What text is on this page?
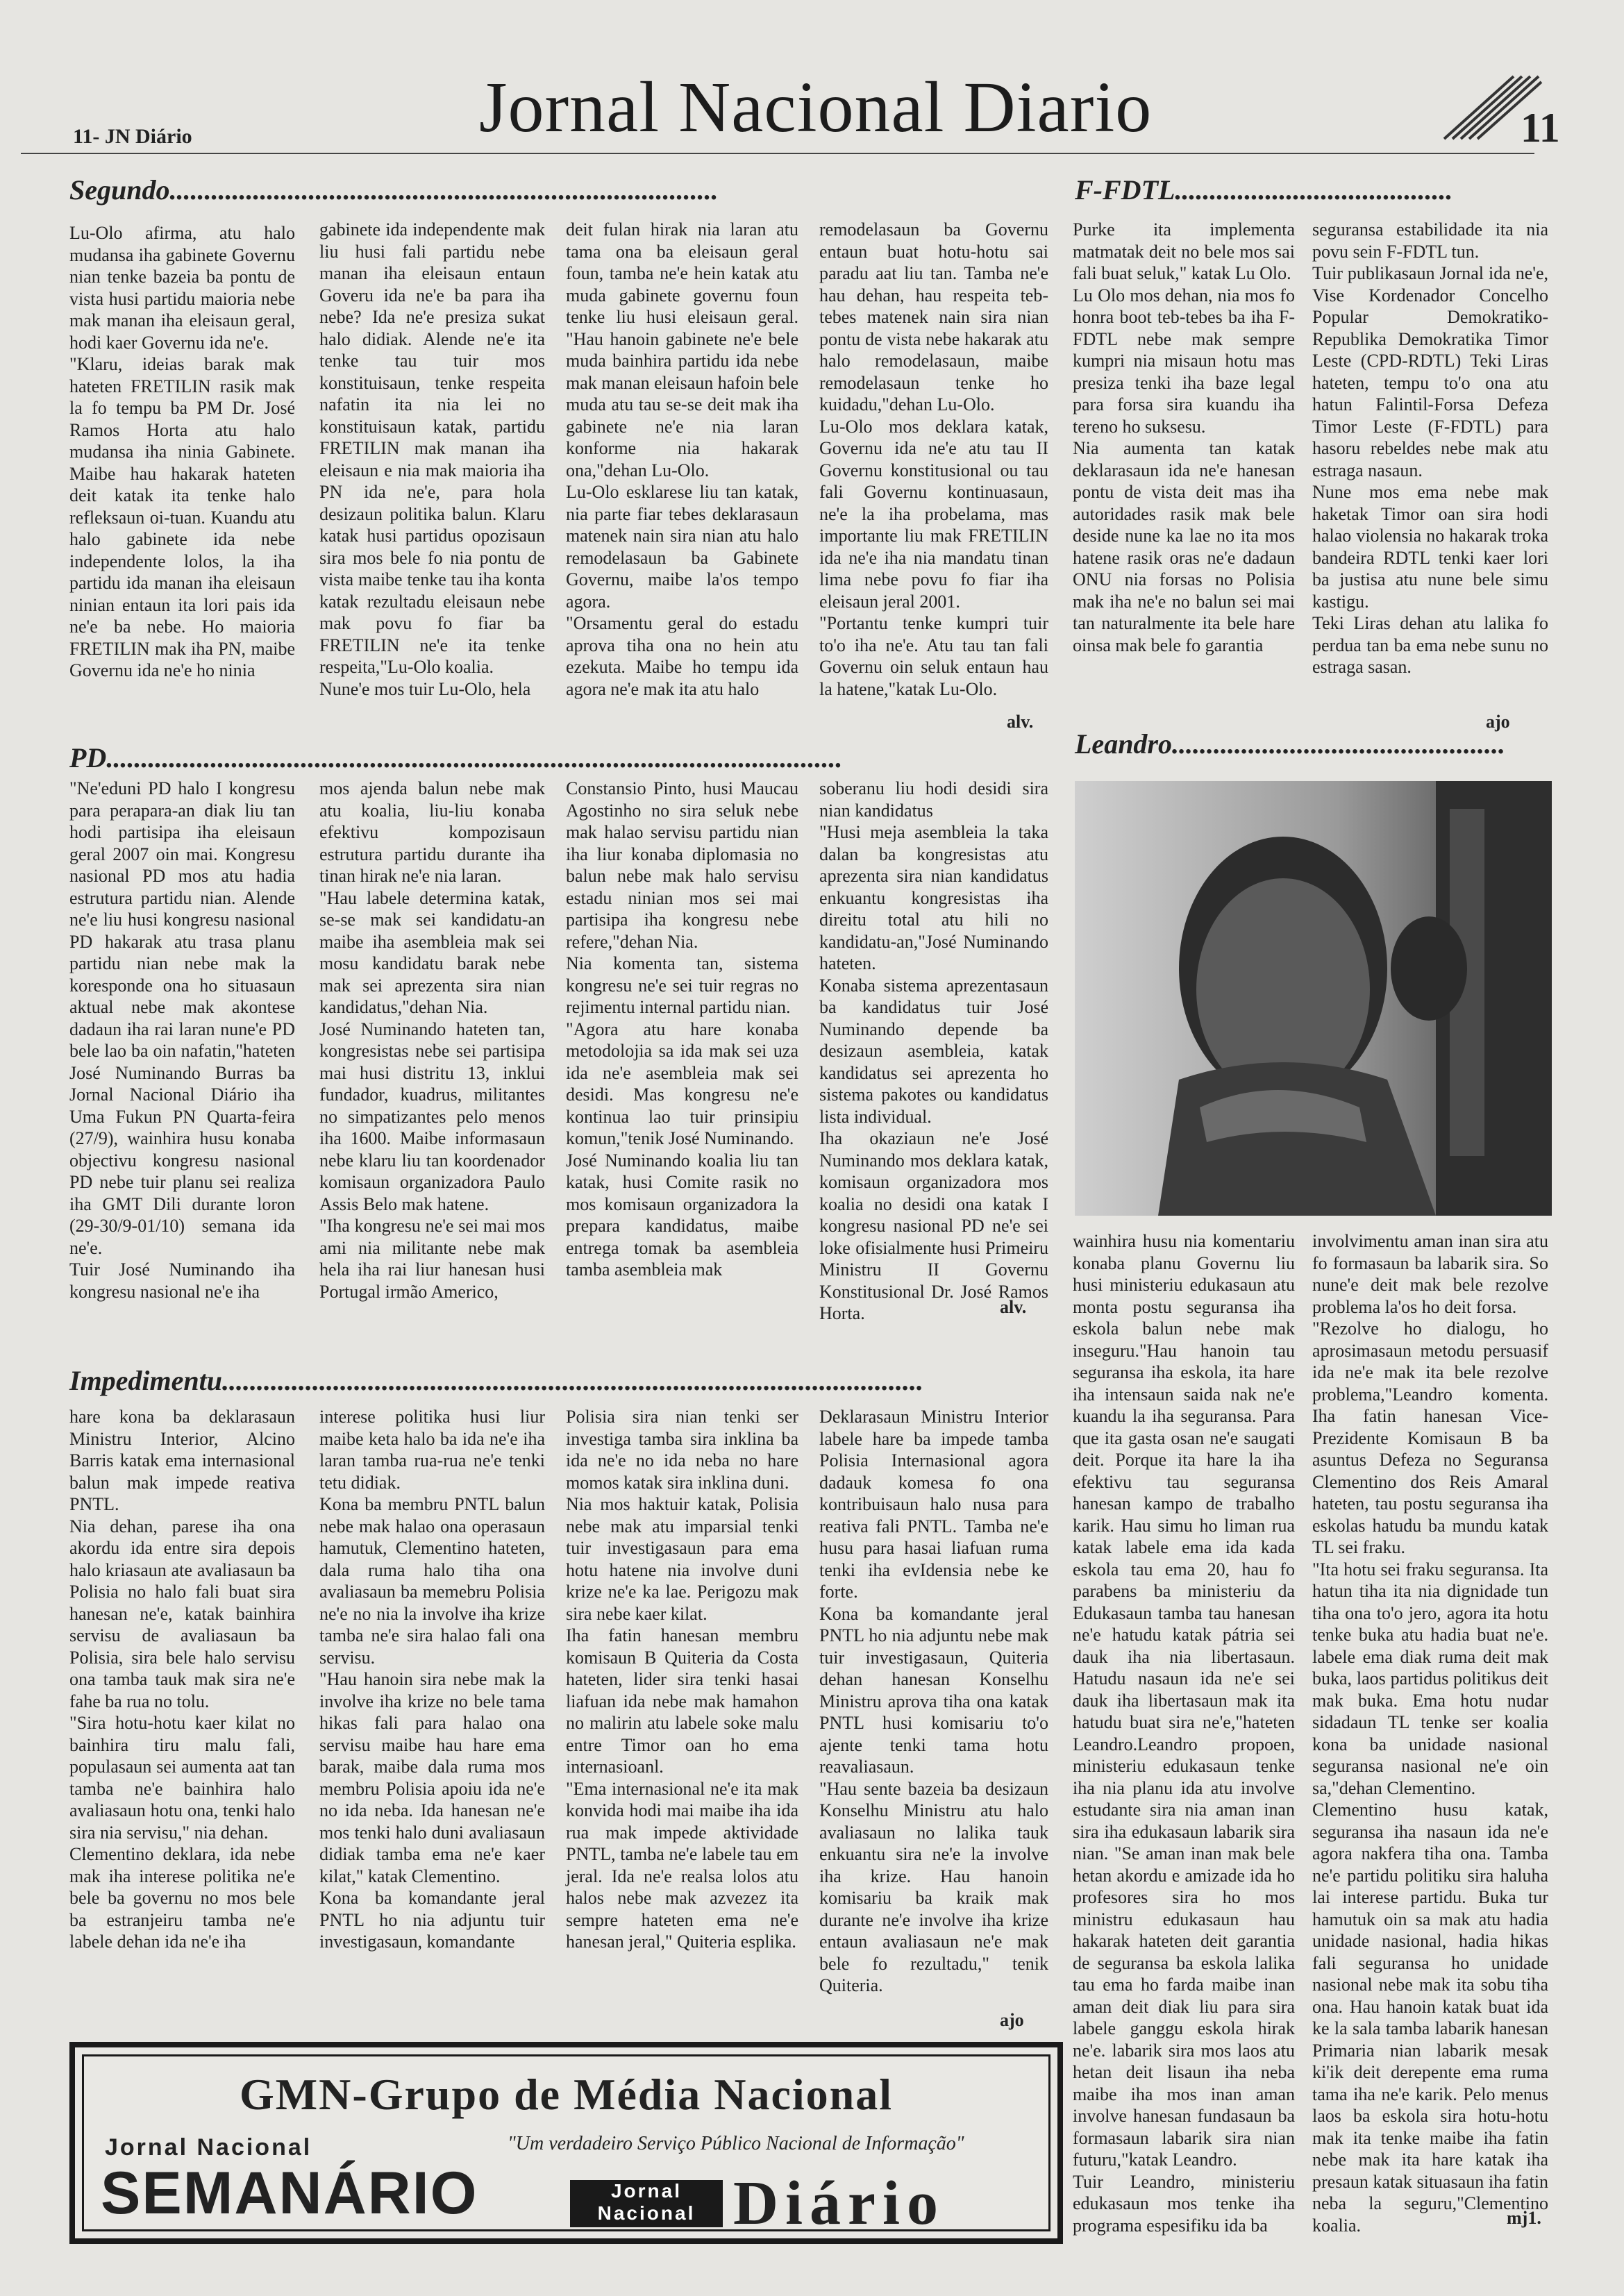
11- JN Diário	Jornal Nacional Diario	11
Segundo...............................................................................

Lu-Olo afirma, atu halo mudansa iha gabinete Governu nian tenke bazeia ba pontu de vista husi partidu maioria nebe mak manan iha eleisaun geral, hodi kaer Governu ida ne'e.
"Klaru, ideias barak mak hateten FRETILIN rasik mak la fo tempu ba PM Dr. José Ramos Horta atu halo mudansa iha ninia Gabinete. Maibe hau hakarak hateten deit katak ita tenke halo refleksaun oi-tuan. Kuandu atu halo gabinete ida nebe independente lolos, la iha partidu ida manan iha eleisaun ninian entaun ita lori pais ida ne'e ba nebe. Ho maioria FRETILIN mak iha PN, maibe Governu ida ne'e ho ninia

gabinete ida independente mak liu husi fali partidu nebe manan iha eleisaun entaun Goveru ida ne'e ba para iha nebe? Ida ne'e presiza sukat halo didiak. Alende ne'e ita tenke tau tuir mos konstituisaun, tenke respeita nafatin ita nia lei no konstituisaun katak, partidu FRETILIN mak manan iha eleisaun e nia mak maioria iha PN ida ne'e, para hola desizaun politika balun. Klaru katak husi partidus opozisaun sira mos bele fo nia pontu de vista maibe tenke tau iha konta katak rezultadu eleisaun nebe mak povu fo fiar ba FRETILIN ne'e ita tenke respeita,"Lu-Olo koalia.
Nune'e mos tuir Lu-Olo, hela

deit fulan hirak nia laran atu tama ona ba eleisaun geral foun, tamba ne'e hein katak atu muda gabinete governu foun tenke liu husi eleisaun geral. "Hau hanoin gabinete ne'e bele muda bainhira partidu ida nebe mak manan eleisaun hafoin bele muda atu tau se-se deit mak iha gabinete ne'e nia laran konforme nia hakarak ona,"dehan Lu-Olo.
Lu-Olo esklarese liu tan katak, nia parte fiar tebes deklarasaun matenek nain sira nian atu halo remodelasaun ba Gabinete Governu, maibe la'os tempo agora.
"Orsamentu geral do estadu aprova tiha ona no hein atu ezekuta. Maibe ho tempu ida agora ne'e mak ita atu halo

remodelasaun ba Governu entaun buat hotu-hotu sai paradu aat liu tan. Tamba ne'e hau dehan, hau respeita teb-tebes matenek nain sira nian pontu de vista nebe hakarak atu halo remodelasaun, maibe remodelasaun tenke ho kuidadu,"dehan Lu-Olo.
Lu-Olo mos deklara katak, Governu ida ne'e atu tau II Governu konstitusional ou tau fali Governu kontinuasaun, ne'e la iha probelama, mas importante liu mak FRETILIN ida ne'e iha nia mandatu tinan lima nebe povu fo fiar iha eleisaun jeral 2001.
"Portantu tenke kumpri tuir to'o iha ne'e. Atu tau tan fali Governu oin seluk entaun hau la hatene,"katak Lu-Olo.

alv.
F-FDTL........................................

Purke ita implementa matmatak deit no bele mos sai fali buat seluk," katak Lu Olo.
Lu Olo mos dehan, nia mos fo honra boot teb-tebes ba iha F-FDTL nebe mak sempre kumpri nia misaun hotu mas presiza tenki iha baze legal para forsa sira kuandu iha tereno ho suksesu.
Nia aumenta tan katak deklarasaun ida ne'e hanesan pontu de vista deit mas iha autoridades rasik mak bele deside nune ka lae no ita mos hatene rasik oras ne'e dadaun ONU nia forsas no Polisia mak iha ne'e no balun sei mai tan naturalmente ita bele hare oinsa mak bele fo garantia

seguransa estabilidade ita nia povu sein F-FDTL tun.
Tuir publikasaun Jornal ida ne'e, Vise Kordenador Concelho Popular Demokratiko-Republika Demokratika Timor Leste (CPD-RDTL) Teki Liras hateten, tempu to'o ona atu hatun Falintil-Forsa Defeza Timor Leste (F-FDTL) para hasoru rebeldes nebe mak atu estraga nasaun.
Nune mos ema nebe mak haketak Timor oan sira hodi halao violensia no hakarak troka bandeira RDTL tenki kaer lori ba justisa atu nune bele simu kastigu.
Teki Liras dehan atu lalika fo perdua tan ba ema nebe sunu no estraga sasan.

ajo
PD..........................................................................................................

"Ne'eduni PD halo I kongresu para perapara-an diak liu tan hodi partisipa iha eleisaun geral 2007 oin mai. Kongresu nasional PD mos atu hadia estrutura partidu nian. Alende ne'e liu husi kongresu nasional PD hakarak atu trasa planu partidu nian nebe mak la koresponde ona ho situasaun aktual nebe mak akontese dadaun iha rai laran nune'e PD bele lao ba oin nafatin,"hateten José Numinando Burras ba Jornal Nacional Diário iha Uma Fukun PN Quarta-feira (27/9), wainhira husu konaba objectivu kongresu nasional PD nebe tuir planu sei realiza iha GMT Dili durante loron (29-30/9-01/10) semana ida ne'e.
Tuir José Numinando iha kongresu nasional ne'e iha

mos ajenda balun nebe mak atu koalia, liu-liu konaba efektivu kompozisaun estrutura partidu durante iha tinan hirak ne'e nia laran.
"Hau labele determina katak, se-se mak sei kandidatu-an maibe iha asembleia mak sei mosu kandidatu barak nebe mak sei aprezenta sira nian kandidatus,"dehan Nia.
José Numinando hateten tan, kongresistas nebe sei partisipa mai husi distritu 13, inklui fundador, kuadrus, militantes no simpatizantes pelo menos iha 1600. Maibe informasaun nebe klaru liu tan koordenador komisaun organizadora Paulo Assis Belo mak hatene.
"Iha kongresu ne'e sei mai mos ami nia militante nebe mak hela iha rai liur hanesan husi Portugal irmão Americo,

Constansio Pinto, husi Maucau Agostinho no sira seluk nebe mak halao servisu partidu nian iha liur konaba diplomasia no balun nebe mak halo servisu estadu ninian mos sei mai partisipa iha kongresu nebe refere,"dehan Nia.
Nia komenta tan, sistema kongresu ne'e sei tuir regras no rejimentu internal partidu nian.
"Agora atu hare konaba metodolojia sa ida mak sei uza ida ne'e asembleia mak sei desidi. Mas kongresu ne'e kontinua lao tuir prinsipiu komun,"tenik José Numinando.
José Numinando koalia liu tan katak, husi Comite rasik no mos komisaun organizadora la prepara kandidatus, maibe entrega tomak ba asembleia tamba asembleia mak

soberanu liu hodi desidi sira nian kandidatus
"Husi meja asembleia la taka dalan ba kongresistas atu aprezenta sira nian kandidatus enkuantu kongresistas iha direitu total atu hili no kandidatu-an,"José Numinando hateten.
Konaba sistema aprezentasaun ba kandidatus tuir José Numinando depende ba desizaun asembleia, katak kandidatus sei aprezenta ho sistema pakotes ou kandidatus lista individual.
Iha okaziaun ne'e José Numinando mos deklara katak, komisaun organizadora mos koalia no desidi ona katak I kongresu nasional PD ne'e sei loke ofisialmente husi Primeiru Ministru II Governu Konstitusional Dr. José Ramos Horta.	alv.
Leandro................................................

wainhira husu nia komentariu konaba planu Governu liu husi ministeriu edukasaun atu monta postu seguransa iha eskola balun nebe mak inseguru."Hau hanoin tau seguransa iha eskola, ita hare iha intensaun saida nak ne'e kuandu la iha seguransa. Para que ita gasta osan ne'e saugati deit. Porque ita hare la iha efektivu tau seguransa hanesan kampo de trabalho karik. Hau simu ho liman rua katak labele ema ida kada eskola tau ema 20, hau fo parabens ba ministeriu da Edukasaun tamba tau hanesan ne'e hatudu katak pátria sei dauk iha nia libertasaun. Hatudu nasaun ida ne'e sei dauk iha libertasaun mak ita hatudu buat sira ne'e,"hateten Leandro.Leandro propoen, ministeriu edukasaun tenke iha nia planu ida atu involve estudante sira nia aman inan sira iha edukasaun labarik sira nian. "Se aman inan mak bele hetan akordu e amizade ida ho profesores sira ho mos ministru edukasaun hau hakarak hateten deit garantia de seguransa ba eskola lalika tau ema ho farda maibe inan aman deit diak liu para sira labele ganggu eskola hirak ne'e. labarik sira mos laos atu hetan deit lisaun iha neba maibe iha mos inan aman involve hanesan fundasaun ba formasaun labarik sira nian futuru,"katak Leandro.
Tuir Leandro, ministeriu edukasaun mos tenke iha programa espesifiku ida ba

involvimentu aman inan sira atu fo formasaun ba labarik sira. So nune'e deit mak bele rezolve problema la'os ho deit forsa.
"Rezolve ho dialogu, ho aprosimasaun metodu persuasif ida ne'e mak ita bele rezolve problema,"Leandro komenta. Iha fatin hanesan Vice-Prezidente Komisaun B ba asuntus Defeza no Seguransa Clementino dos Reis Amaral hateten, tau postu seguransa iha eskolas hatudu ba mundu katak TL sei fraku.
"Ita hotu sei fraku seguransa. Ita hatun tiha ita nia dignidade tun tiha ona to'o jero, agora ita hotu tenke buka atu hadia buat ne'e. labele ema diak ruma deit mak buka, laos partidus politikus deit mak buka. Ema hotu nudar sidadaun TL tenke ser koalia kona ba unidade nasional seguransa nasional ne'e oin sa,"dehan Clementino.
Clementino husu katak, seguransa iha nasaun ida ne'e agora nakfera tiha ona. Tamba ne'e partidu politiku sira haluha lai interese partidu. Buka tur hamutuk oin sa mak atu hadia unidade nasional, hadia hikas fali seguransa ho unidade nasional nebe mak ita sobu tiha ona. Hau hanoin katak buat ida ke la sala tamba labarik hanesan Primaria nian labarik mesak ki'ik deit derepente ema ruma tama iha ne'e karik. Pelo menus laos ba eskola sira hotu-hotu mak ita tenke maibe iha fatin nebe mak ita hare katak iha presaun katak situasaun iha fatin neba la seguru,"Clementino koalia.	mj1.
Impedimentu.....................................................................................................

hare kona ba deklarasaun Ministru Interior, Alcino Barris katak ema internasional balun mak impede reativa PNTL.
Nia dehan, parese iha ona akordu ida entre sira depois halo kriasaun ate avaliasaun ba Polisia no halo fali buat sira hanesan ne'e, katak bainhira servisu de avaliasaun ba Polisia, sira bele halo servisu ona tamba tauk mak sira ne'e fahe ba rua no tolu.
"Sira hotu-hotu kaer kilat no bainhira tiru malu fali, populasaun sei aumenta aat tan tamba ne'e bainhira halo avaliasaun hotu ona, tenki halo sira nia servisu," nia dehan.
Clementino deklara, ida nebe mak iha interese politika ne'e bele ba governu no mos bele ba estranjeiru tamba ne'e labele dehan ida ne'e iha

interese politika husi liur maibe keta halo ba ida ne'e iha laran tamba rua-rua ne'e tenki tetu didiak.
Kona ba membru PNTL balun nebe mak halao ona operasaun hamutuk, Clementino hateten, dala ruma halo tiha ona avaliasaun ba memebru Polisia ne'e no nia la involve iha krize tamba ne'e sira halao fali ona servisu.
"Hau hanoin sira nebe mak la involve iha krize no bele tama hikas fali para halao ona servisu maibe hau hare ema barak, maibe dala ruma mos membru Polisia apoiu ida ne'e no ida neba. Ida hanesan ne'e mos tenki halo duni avaliasaun didiak tamba ema ne'e kaer kilat," katak Clementino.
Kona ba komandante jeral PNTL ho nia adjuntu tuir investigasaun, komandante

Polisia sira nian tenki ser investiga tamba sira inklina ba ida ne'e no ida neba no hare momos katak sira inklina duni.
Nia mos haktuir katak, Polisia nebe mak atu imparsial tenki tuir investigasaun para ema hotu hatene nia involve duni krize ne'e ka lae. Perigozu mak sira nebe kaer kilat.
Iha fatin hanesan membru komisaun B Quiteria da Costa hateten, lider sira tenki hasai liafuan ida nebe mak hamahon no malirin atu labele soke malu entre Timor oan ho ema internasioanl.
"Ema internasional ne'e ita mak konvida hodi mai maibe iha ida rua mak impede aktividade PNTL, tamba ne'e labele tau em jeral. Ida ne'e realsa lolos atu halos nebe mak azvezez ita sempre hateten ema ne'e hanesan jeral," Quiteria esplika.

Deklarasaun Ministru Interior labele hare ba impede tamba Polisia Internasional agora dadauk komesa fo ona kontribuisaun halo nusa para reativa fali PNTL. Tamba ne'e husu para hasai liafuan ruma tenki iha evIdensia nebe ke forte.
Kona ba komandante jeral PNTL ho nia adjuntu nebe mak tuir investigasaun, Quiteria dehan hanesan Konselhu Ministru aprova tiha ona katak PNTL husi komisariu to'o ajente tenki tama hotu reavaliasaun.
"Hau sente bazeia ba desizaun Konselhu Ministru atu halo avaliasaun no lalika tauk enkuantu sira ne'e la involve iha krize. Hau hanoin komisariu ba kraik mak durante ne'e involve iha krize entaun avaliasaun ne'e mak bele fo rezultadu," tenik Quiteria.

ajo
GMN-Grupo de Média Nacional
Jornal Nacional	"Um verdadeiro Serviço Público Nacional de Informação"
SEMANÁRIO	Jornal
Nacional Diário
